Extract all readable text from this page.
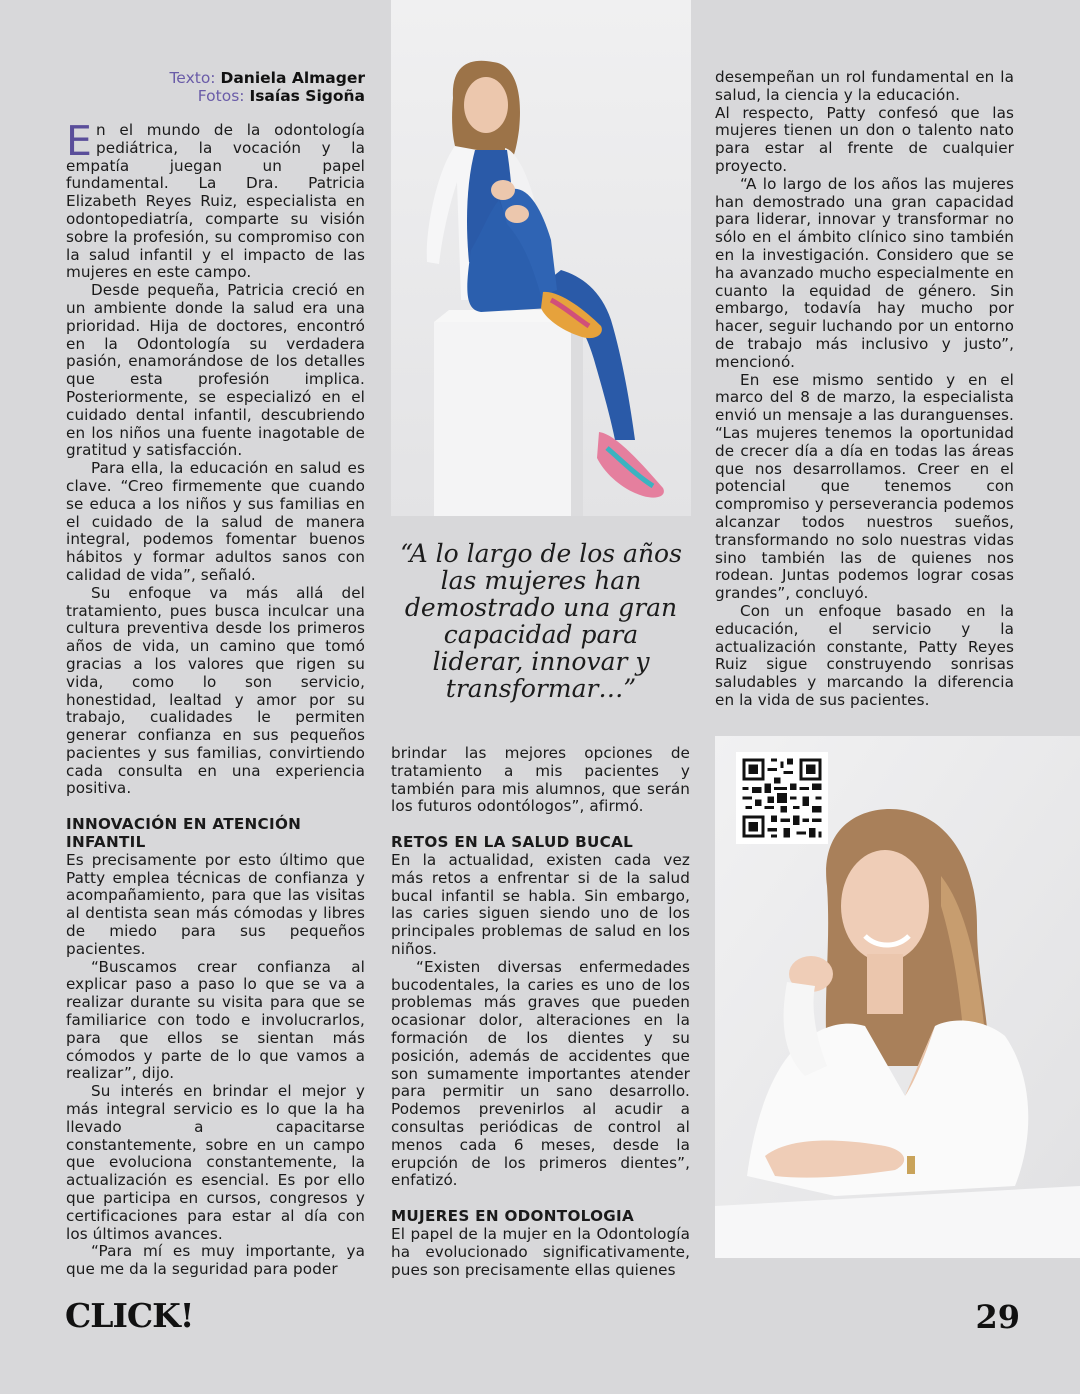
Texto: Daniela Almager
Fotos: Isaías Sigoña

En el mundo de la odontología pediátrica, la vocación y la empatía juegan un papel fundamental. La Dra. Patricia Elizabeth Reyes Ruiz, especialista en odontopediatría, comparte su visión sobre la profesión, su compromiso con la salud infantil y el impacto de las mujeres en este campo.

Desde pequeña, Patricia creció en un ambiente donde la salud era una prioridad. Hija de doctores, encontró en la Odontología su verdadera pasión, enamorándose de los detalles que esta profesión implica. Posteriormente, se especializó en el cuidado dental infantil, descubriendo en los niños una fuente inagotable de gratitud y satisfacción.

Para ella, la educación en salud es clave. “Creo firmemente que cuando se educa a los niños y sus familias en el cuidado de la salud de manera integral, podemos fomentar buenos hábitos y formar adultos sanos con calidad de vida”, señaló.

Su enfoque va más allá del tratamiento, pues busca inculcar una cultura preventiva desde los primeros años de vida, un camino que tomó gracias a los valores que rigen su vida, como lo son servicio, honestidad, lealtad y amor por su trabajo, cualidades le permiten generar confianza en sus pequeños pacientes y sus familias, convirtiendo cada consulta en una experiencia positiva.

INNOVACIÓN EN ATENCIÓN INFANTIL

Es precisamente por esto último que Patty emplea técnicas de confianza y acompañamiento, para que las visitas al dentista sean más cómodas y libres de miedo para sus pequeños pacientes.

“Buscamos crear confianza al explicar paso a paso lo que se va a realizar durante su visita para que se familiarice con todo e involucrarlos, para que ellos se sientan más cómodos y parte de lo que vamos a realizar”, dijo.

Su interés en brindar el mejor y más integral servicio es lo que la ha llevado a capacitarse constantemente, sobre en un campo que evoluciona constantemente, la actualización es esencial. Es por ello que participa en cursos, congresos y certificaciones para estar al día con los últimos avances.

“Para mí es muy importante, ya que me da la seguridad para poder

“A lo largo de los años las mujeres han demostrado una gran capacidad para liderar, innovar y transformar…”

brindar las mejores opciones de tratamiento a mis pacientes y también para mis alumnos, que serán los futuros odontólogos”, afirmó.

RETOS EN LA SALUD BUCAL

En la actualidad, existen cada vez más retos a enfrentar si de la salud bucal infantil se habla. Sin embargo, las caries siguen siendo uno de los principales problemas de salud en los niños.

“Existen diversas enfermedades bucodentales, la caries es uno de los problemas más graves que pueden ocasionar dolor, alteraciones en la formación de los dientes y su posición, además de accidentes que son sumamente importantes atender para permitir un sano desarrollo. Podemos prevenirlos al acudir a consultas periódicas de control al menos cada 6 meses, desde la erupción de los primeros dientes”, enfatizó.

MUJERES EN ODONTOLOGIA

El papel de la mujer en la Odontología ha evolucionado significativamente, pues son precisamente ellas quienes

desempeñan un rol fundamental en la salud, la ciencia y la educación.

Al respecto, Patty confesó que las mujeres tienen un don o talento nato para estar al frente de cualquier proyecto.

“A lo largo de los años las mujeres han demostrado una gran capacidad para liderar, innovar y transformar no sólo en el ámbito clínico sino también en la investigación. Considero que se ha avanzado mucho especialmente en cuanto la equidad de género. Sin embargo, todavía hay mucho por hacer, seguir luchando por un entorno de trabajo más inclusivo y justo”, mencionó.

En ese mismo sentido y en el marco del 8 de marzo, la especialista envió un mensaje a las duranguenses. “Las mujeres tenemos la oportunidad de crecer día a día en todas las áreas que nos desarrollamos. Creer en el potencial que tenemos con compromiso y perseverancia podemos alcanzar todos nuestros sueños, transformando no solo nuestras vidas sino también las de quienes nos rodean. Juntas podemos lograr cosas grandes”, concluyó.

Con un enfoque basado en la educación, el servicio y la actualización constante, Patty Reyes Ruiz sigue construyendo sonrisas saludables y marcando la diferencia en la vida de sus pacientes.

CLICK!	29
